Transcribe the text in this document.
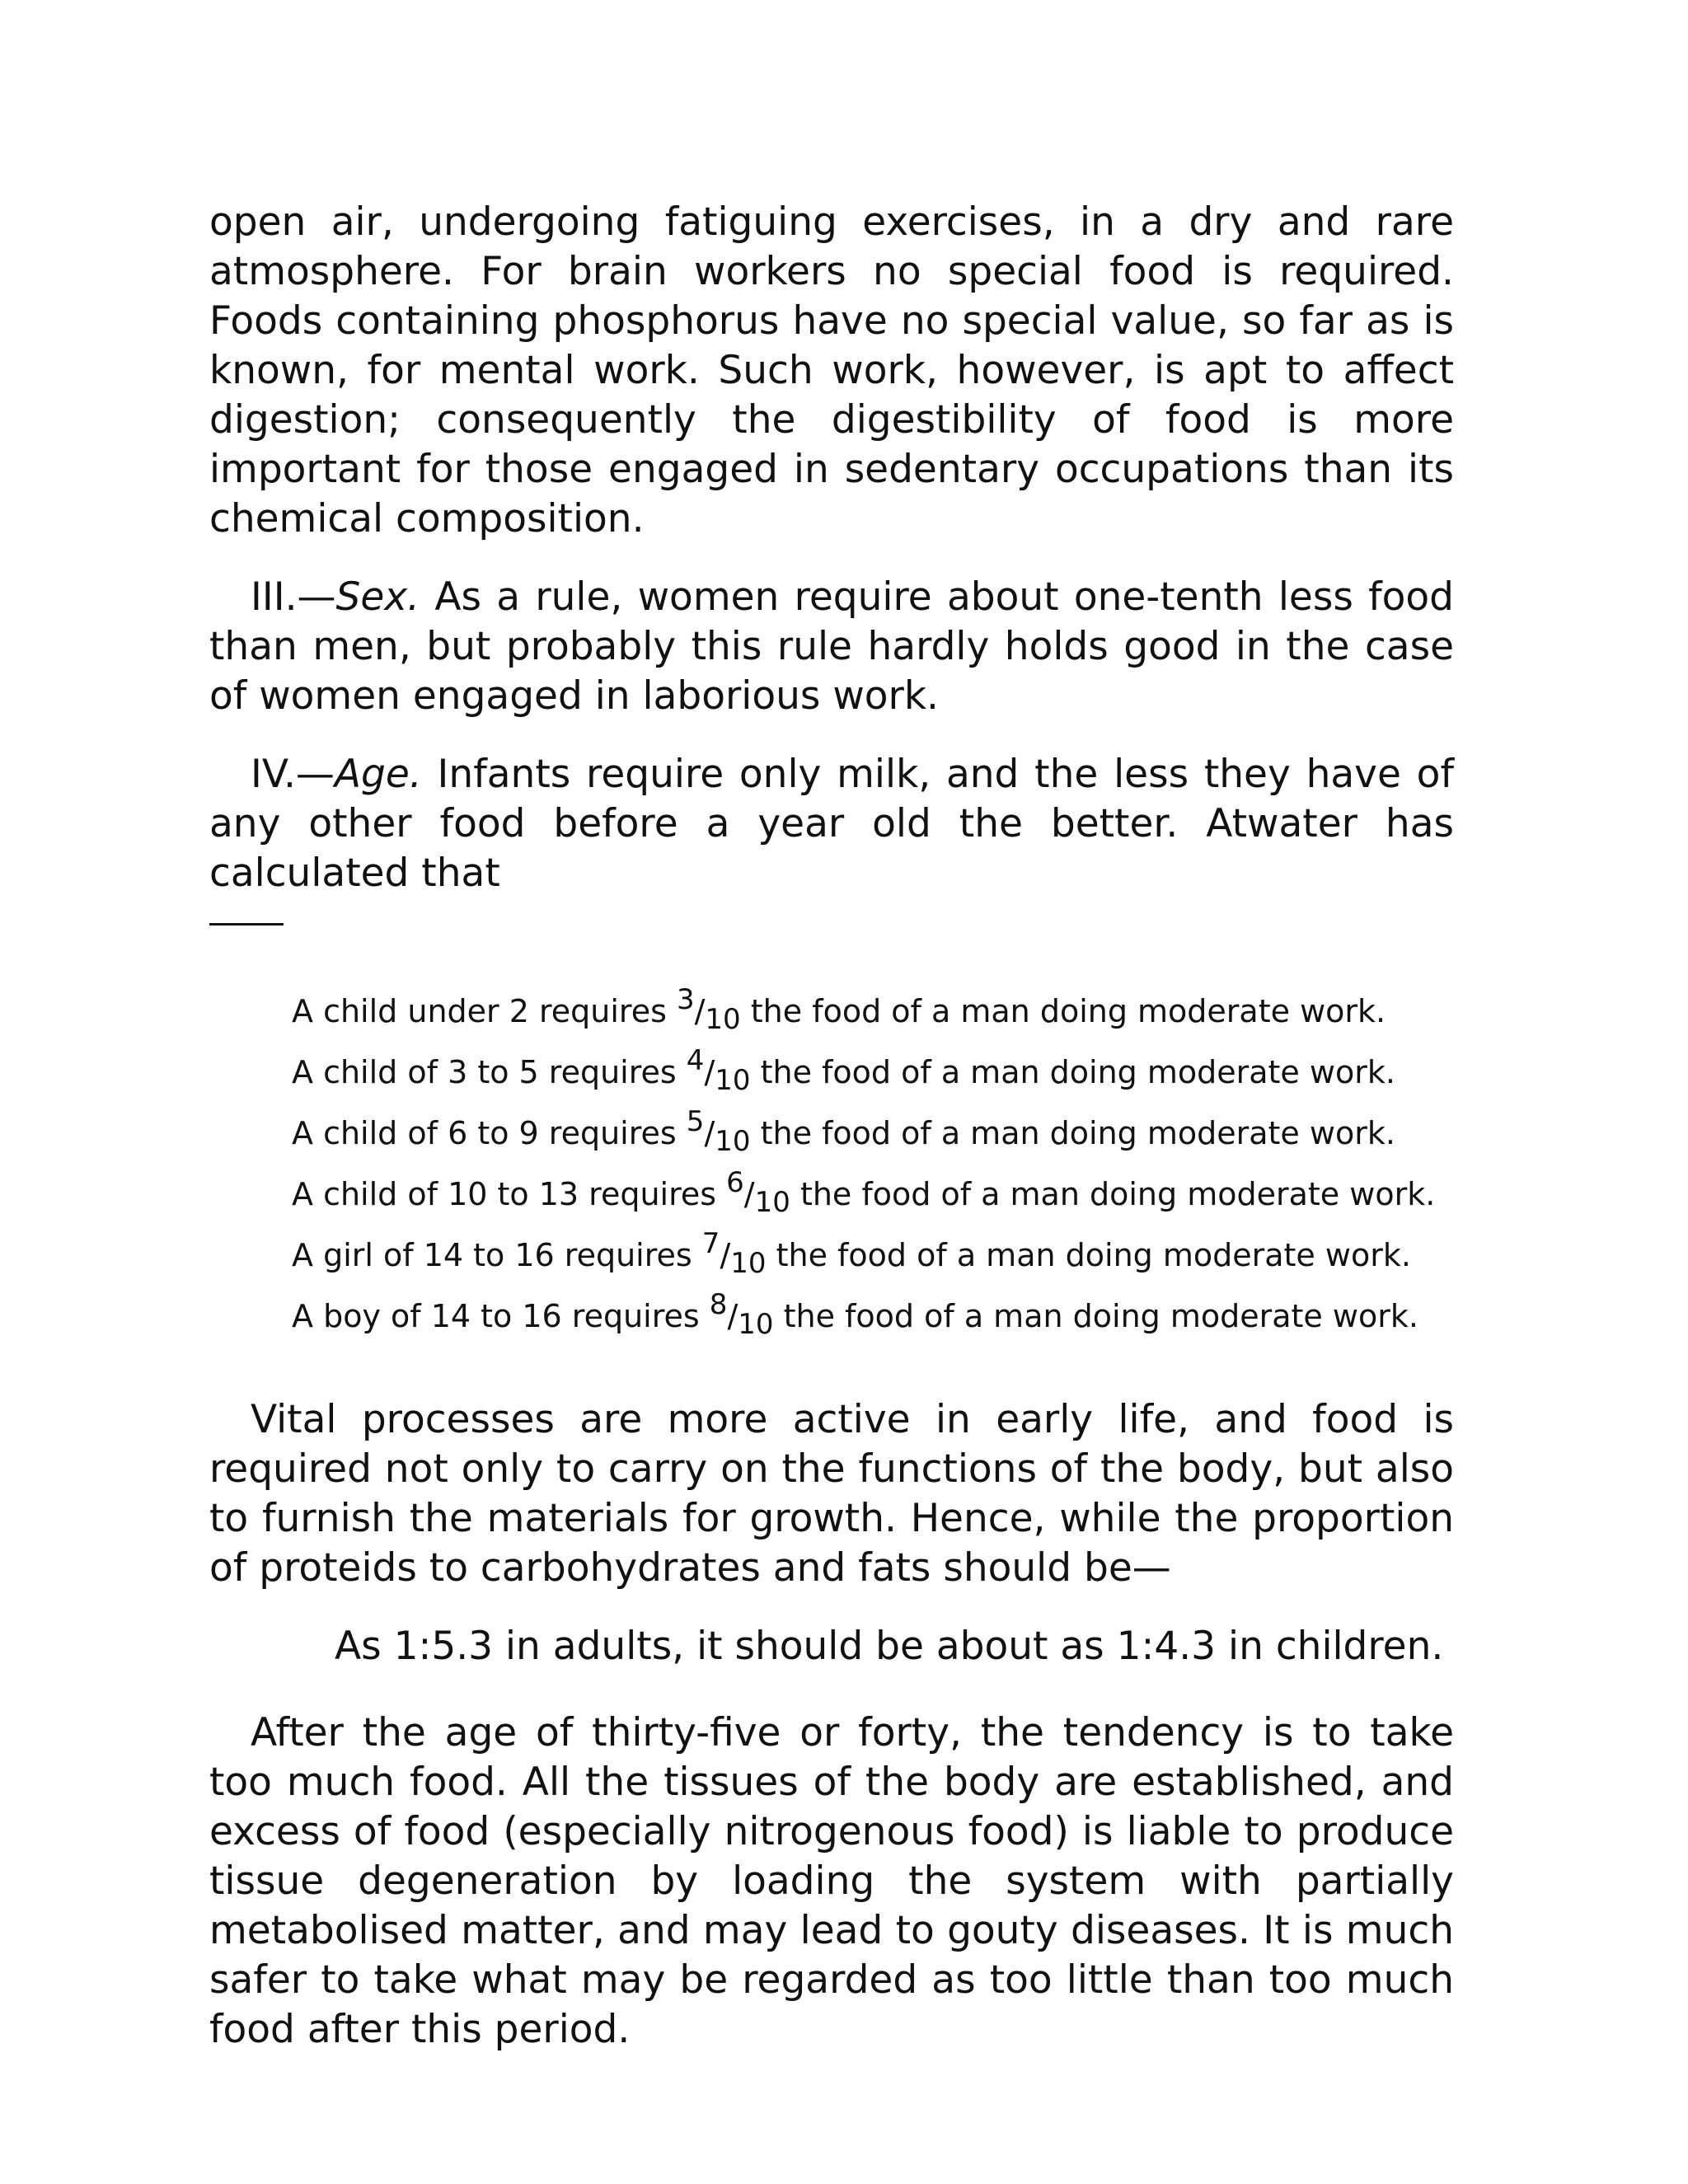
open air, undergoing fatiguing exercises, in a dry and rare atmosphere. For brain workers no special food is required. Foods containing phosphorus have no special value, so far as is known, for mental work. Such work, however, is apt to affect digestion; consequently the digestibility of food is more important for those engaged in sedentary occupations than its chemical composition.

III.—Sex. As a rule, women require about one-tenth less food than men, but probably this rule hardly holds good in the case of women engaged in laborious work.

IV.—Age. Infants require only milk, and the less they have of any other food before a year old the better. Atwater has calculated that

A child under 2 requires 3/10 the food of a man doing moderate work.
A child of 3 to 5 requires 4/10 the food of a man doing moderate work.
A child of 6 to 9 requires 5/10 the food of a man doing moderate work.
A child of 10 to 13 requires 6/10 the food of a man doing moderate work.
A girl of 14 to 16 requires 7/10 the food of a man doing moderate work.
A boy of 14 to 16 requires 8/10 the food of a man doing moderate work.

Vital processes are more active in early life, and food is required not only to carry on the functions of the body, but also to furnish the materials for growth. Hence, while the proportion of proteids to carbohydrates and fats should be—

As 1:5.3 in adults, it should be about as 1:4.3 in children.

After the age of thirty-five or forty, the tendency is to take too much food. All the tissues of the body are established, and excess of food (especially nitrogenous food) is liable to produce tissue degeneration by loading the system with partially metabolised matter, and may lead to gouty diseases. It is much safer to take what may be regarded as too little than too much food after this period.
